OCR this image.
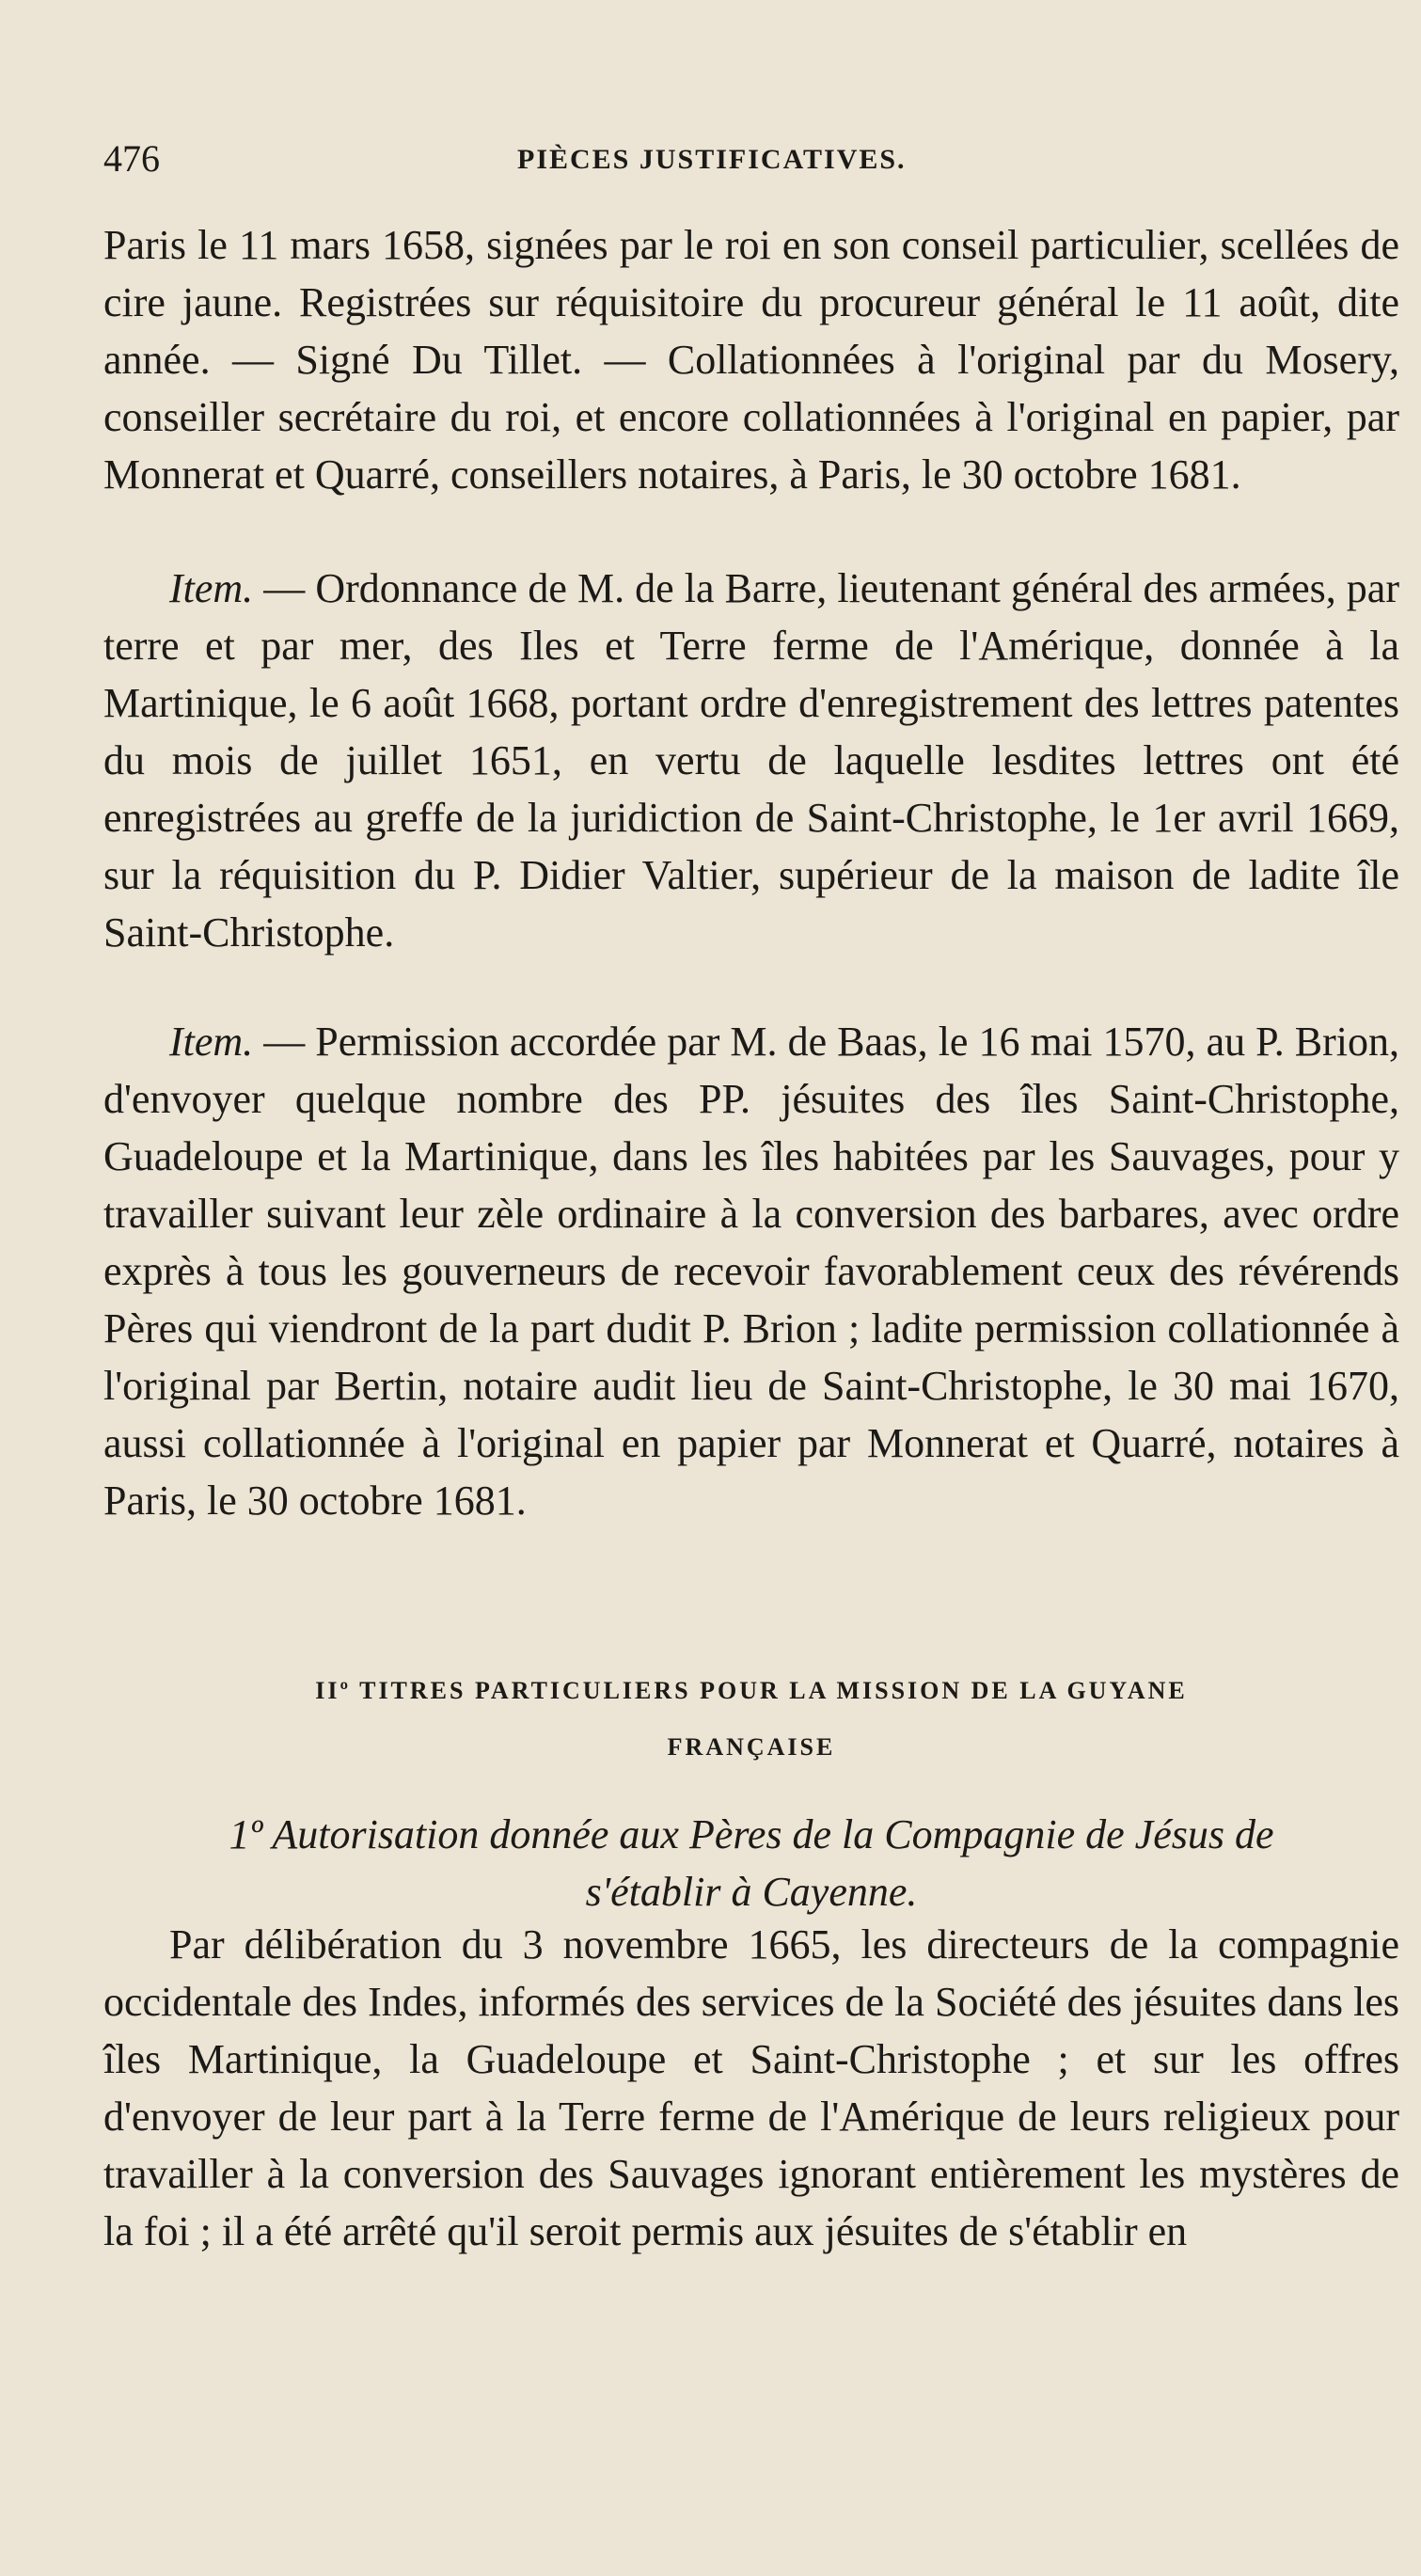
476	PIÈCES JUSTIFICATIVES.

Paris le 11 mars 1658, signées par le roi en son conseil particulier, scellées de cire jaune. Registrées sur réquisitoire du procureur général le 11 août, dite année. — Signé Du Tillet. — Collationnées à l'original par du Mosery, conseiller secrétaire du roi, et encore collationnées à l'original en papier, par Monnerat et Quarré, conseillers notaires, à Paris, le 30 octobre 1681.

Item. — Ordonnance de M. de la Barre, lieutenant général des armées, par terre et par mer, des Iles et Terre ferme de l'Amérique, donnée à la Martinique, le 6 août 1668, portant ordre d'enregistrement des lettres patentes du mois de juillet 1651, en vertu de laquelle lesdites lettres ont été enregistrées au greffe de la juridiction de Saint-Christophe, le 1er avril 1669, sur la réquisition du P. Didier Valtier, supérieur de la maison de ladite île Saint-Christophe.

Item. — Permission accordée par M. de Baas, le 16 mai 1570, au P. Brion, d'envoyer quelque nombre des PP. jésuites des îles Saint-Christophe, Guadeloupe et la Martinique, dans les îles habitées par les Sauvages, pour y travailler suivant leur zèle ordinaire à la conversion des barbares, avec ordre exprès à tous les gouverneurs de recevoir favorablement ceux des révérends Pères qui viendront de la part dudit P. Brion ; ladite permission collationnée à l'original par Bertin, notaire audit lieu de Saint-Christophe, le 30 mai 1670, aussi collationnée à l'original en papier par Monnerat et Quarré, notaires à Paris, le 30 octobre 1681.

IIº TITRES PARTICULIERS POUR LA MISSION DE LA GUYANE
FRANÇAISE
1º Autorisation donnée aux Pères de la Compagnie de Jésus de
s'établir à Cayenne.

Par délibération du 3 novembre 1665, les directeurs de la compagnie occidentale des Indes, informés des services de la Société des jésuites dans les îles Martinique, la Guadeloupe et Saint-Christophe ; et sur les offres d'envoyer de leur part à la Terre ferme de l'Amérique de leurs religieux pour travailler à la conversion des Sauvages ignorant entièrement les mystères de la foi ; il a été arrêté qu'il seroit permis aux jésuites de s'établir en
